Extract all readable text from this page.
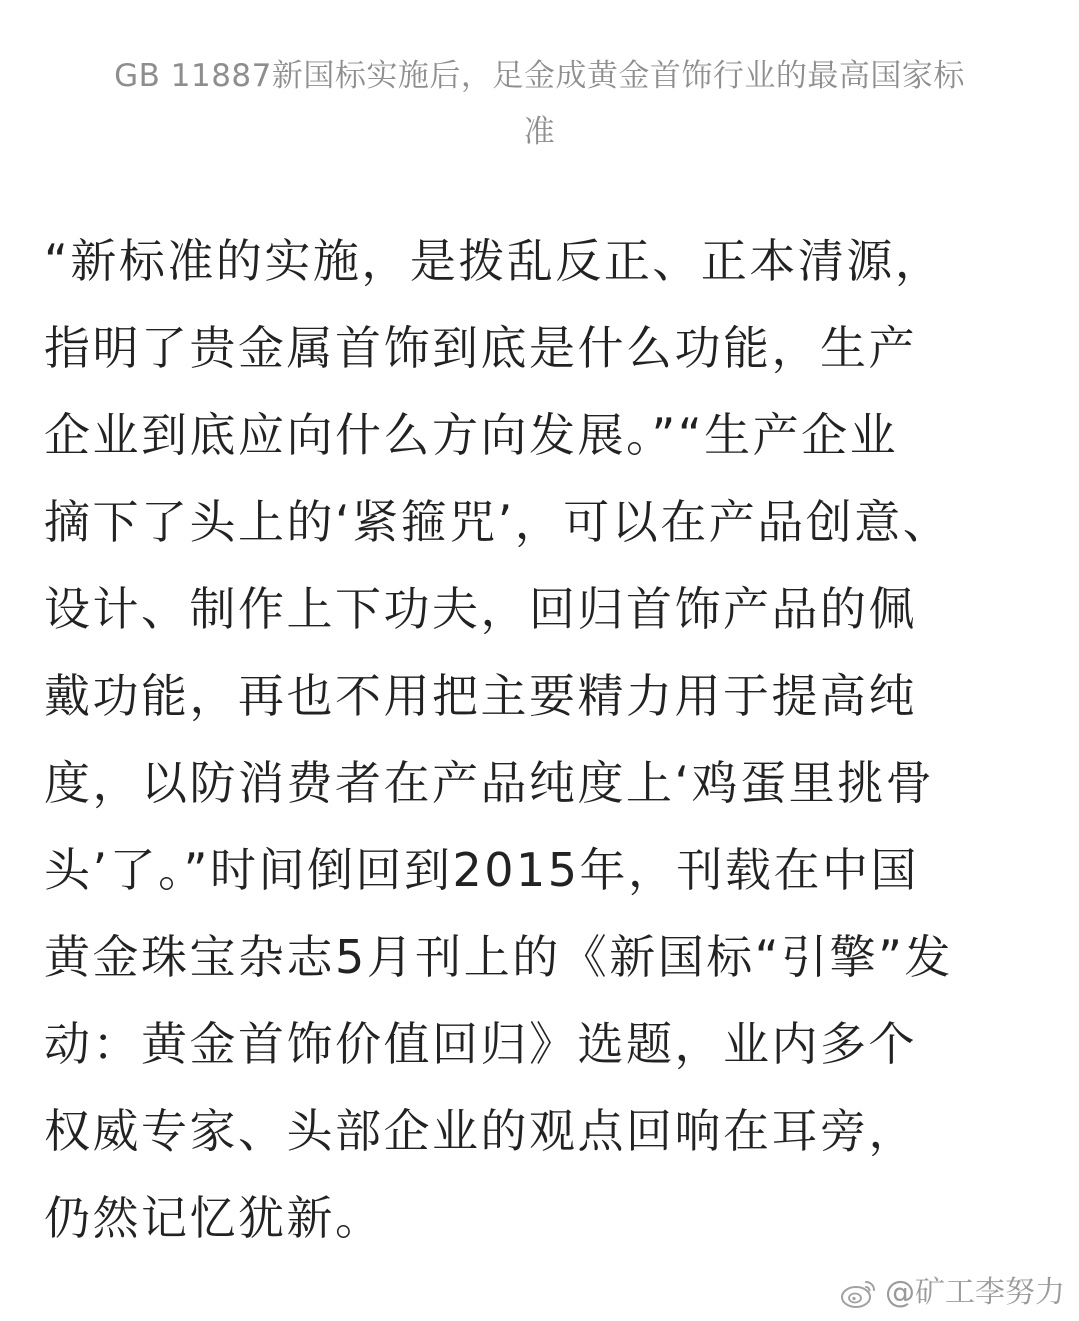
GB 11887新国标实施后，足金成黄金首饰行业的最高国家标
准
“新标准的实施，是拨乱反正、正本清源，
指明了贵金属首饰到底是什么功能，生产
企业到底应向什么方向发展。”“生产企业
摘下了头上的‘紧箍咒’，可以在产品创意、
设计、制作上下功夫，回归首饰产品的佩
戴功能，再也不用把主要精力用于提高纯
度，以防消费者在产品纯度上‘鸡蛋里挑骨
头’了。”时间倒回到2015年，刊载在中国
黄金珠宝杂志5月刊上的《新国标“引擎”发
动：黄金首饰价值回归》选题，业内多个
权威专家、头部企业的观点回响在耳旁，
仍然记忆犹新。
@矿工李努力
